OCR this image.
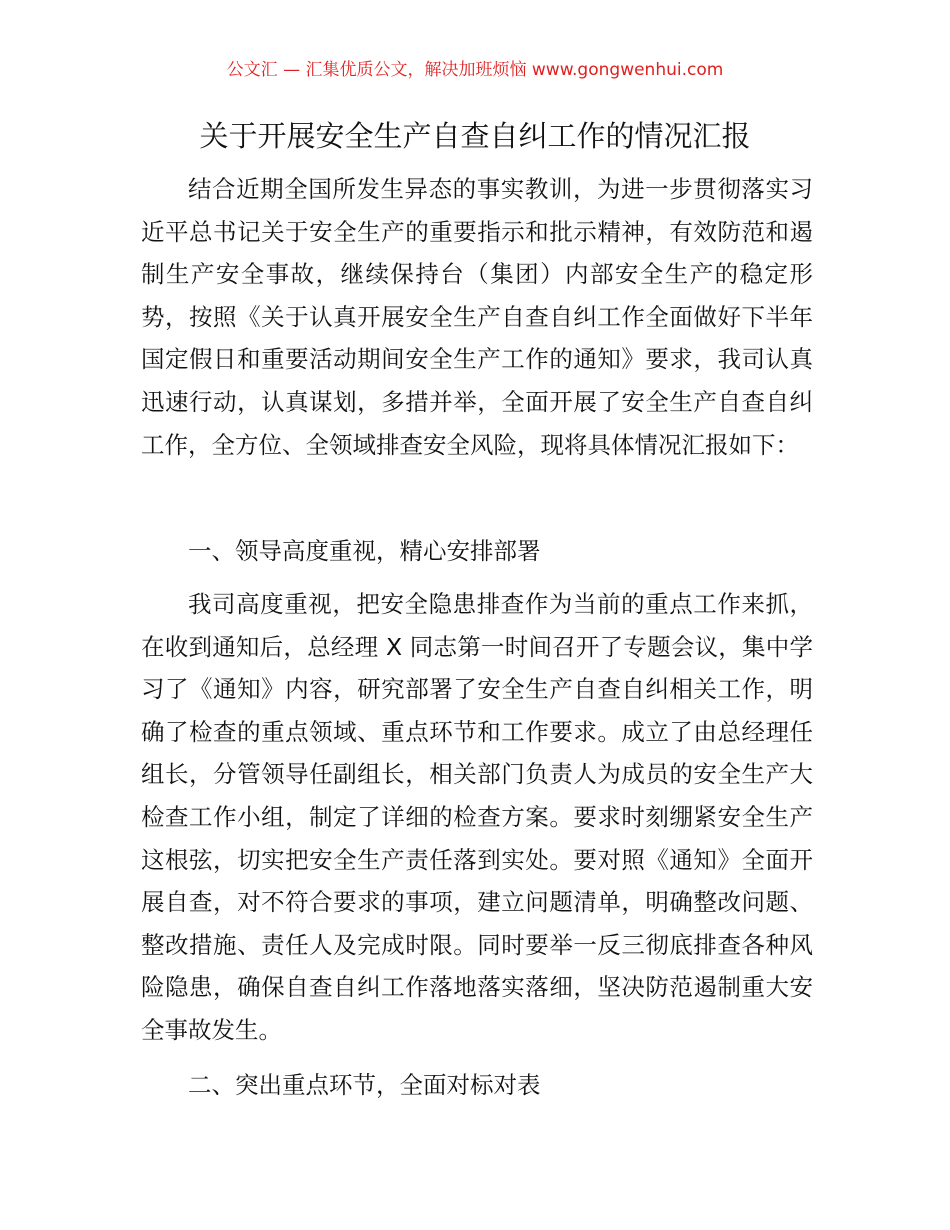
公文汇 — 汇集优质公文，解决加班烦恼 www.gongwenhui.com
关于开展安全生产自查自纠工作的情况汇报

结合近期全国所发生异态的事实教训，为进一步贯彻落实习近平总书记关于安全生产的重要指示和批示精神，有效防范和遏制生产安全事故，继续保持台（集团）内部安全生产的稳定形势，按照《关于认真开展安全生产自查自纠工作全面做好下半年国定假日和重要活动期间安全生产工作的通知》要求，我司认真迅速行动，认真谋划，多措并举，全面开展了安全生产自查自纠工作，全方位、全领域排查安全风险，现将具体情况汇报如下：

一、领导高度重视，精心安排部署

我司高度重视，把安全隐患排查作为当前的重点工作来抓，在收到通知后，总经理 X 同志第一时间召开了专题会议，集中学习了《通知》内容，研究部署了安全生产自查自纠相关工作，明确了检查的重点领域、重点环节和工作要求。成立了由总经理任组长，分管领导任副组长，相关部门负责人为成员的安全生产大检查工作小组，制定了详细的检查方案。要求时刻绷紧安全生产这根弦，切实把安全生产责任落到实处。要对照《通知》全面开展自查，对不符合要求的事项，建立问题清单，明确整改问题、整改措施、责任人及完成时限。同时要举一反三彻底排查各种风险隐患，确保自查自纠工作落地落实落细，坚决防范遏制重大安全事故发生。

二、突出重点环节，全面对标对表
